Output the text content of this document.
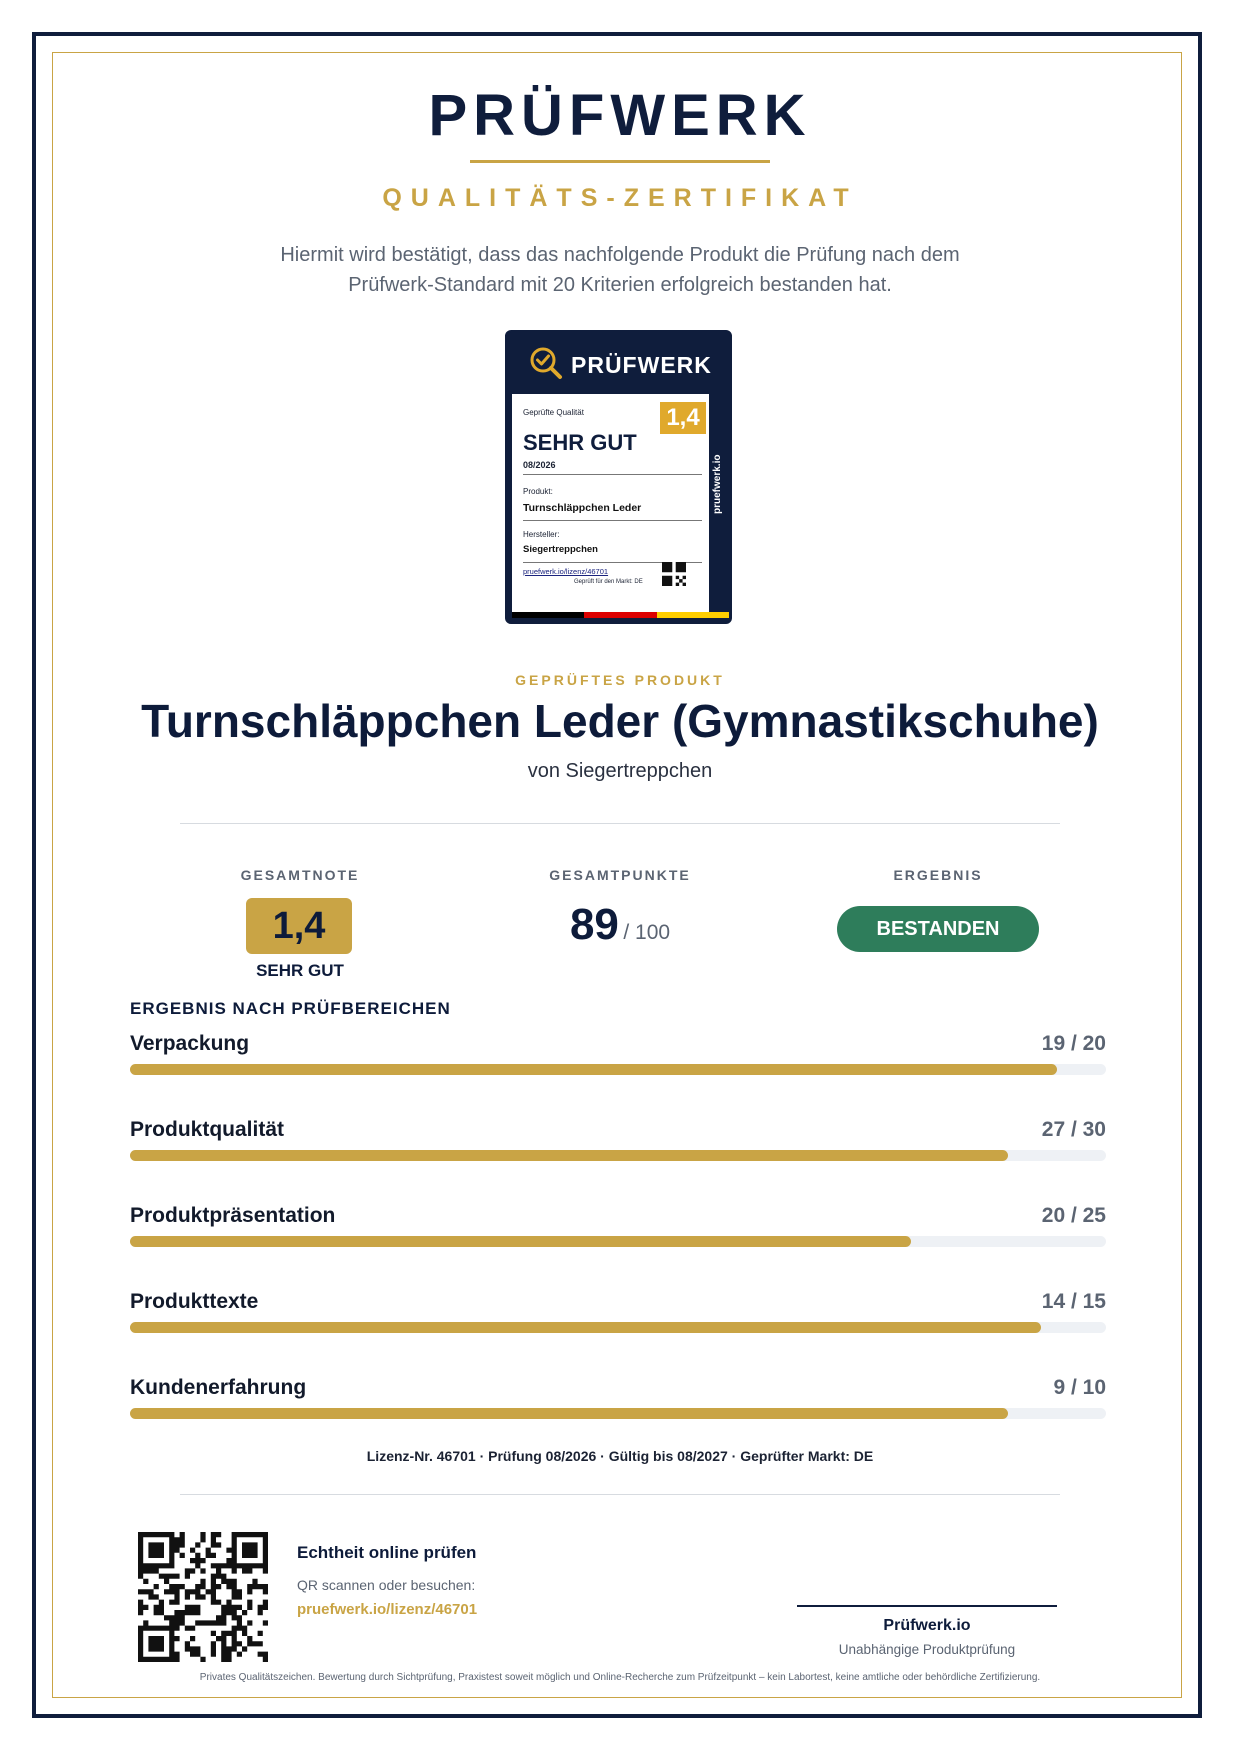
PRÜFWERK
QUALITÄTS-ZERTIFIKAT
Hiermit wird bestätigt, dass das nachfolgende Produkt die Prüfung nach dem
Prüfwerk-Standard mit 20 Kriterien erfolgreich bestanden hat.
PRÜFWERK
Geprüfte Qualität
SEHR GUT
08/2026
Produkt:
Turnschläppchen Leder
Hersteller:
Siegertreppchen
pruefwerk.io/lizenz/46701
Geprüft für den Markt: DE
1,4
pruefwerk.io
GEPRÜFTES PRODUKT
Turnschläppchen Leder (Gymnastikschuhe)
von Siegertreppchen
GESAMTNOTE
1,4
SEHR GUT
GESAMTPUNKTE
89 / 100
ERGEBNIS
BESTANDEN
ERGEBNIS NACH PRÜFBEREICHEN
Verpackung	19 / 20
Produktqualität	27 / 30
Produktpräsentation	20 / 25
Produkttexte	14 / 15
Kundenerfahrung	9 / 10
Lizenz-Nr. 46701 · Prüfung 08/2026 · Gültig bis 08/2027 · Geprüfter Markt: DE
Echtheit online prüfen
QR scannen oder besuchen:
pruefwerk.io/lizenz/46701
Prüfwerk.io
Unabhängige Produktprüfung
Privates Qualitätszeichen. Bewertung durch Sichtprüfung, Praxistest soweit möglich und Online-Recherche zum Prüfzeitpunkt – kein Labortest, keine amtliche oder behördliche Zertifizierung.
